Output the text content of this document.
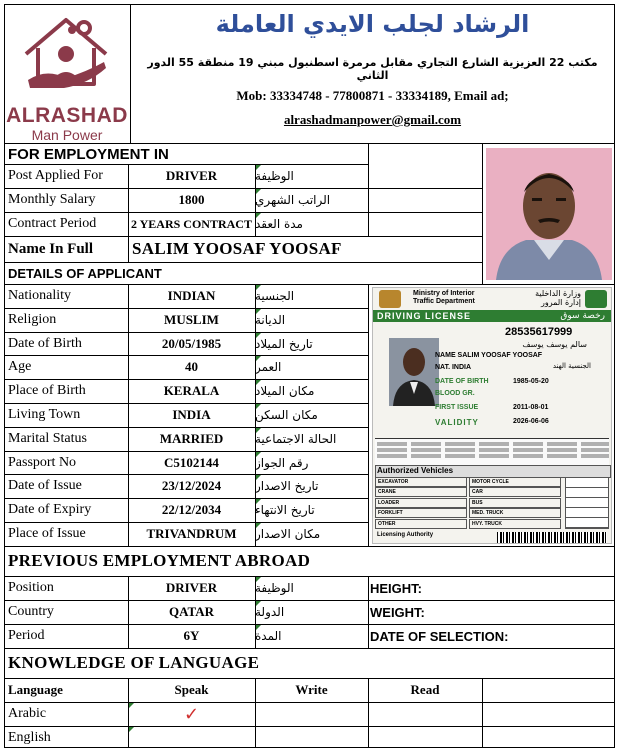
ALRASHAD
Man Power
الرشاد لجلب الايدي العاملة
مكتب 22 العزيزية الشارع التجاري مقابل مرمرة اسطنبول مبني 19 منطقة 55 الدور الثاني
Mob: 33334748 - 77800871 - 33334189, Email ad;
alrashadmanpower@gmail.com
FOR EMPLOYMENT IN
Post Applied For	DRIVER	الوظيفة
Monthly Salary	1800	الراتب الشهري
Contract Period	2 YEARS CONTRACT مدة العقد
Name In Full	SALIM YOOSAF YOOSAF
DETAILS OF APPLICANT
Nationality	INDIAN	الجنسية
Religion	MUSLIM	الديانة
Date of Birth	20/05/1985	تاريخ الميلاد
Age	40	العمر
Place of Birth	KERALA	مكان الميلاد
Living Town	INDIA	مكان السكن
Marital Status	MARRIED	الحالة الاجتماعية
Passport No	C5102144	رقم الجواز
Date of Issue	23/12/2024	تاريخ الاصدار
Date of Expiry	22/12/2034	تاريخ الانتهاء
Place of Issue	TRIVANDRUM	مكان الاصدار
Ministry of Interior
Traffic Department
وزارة الداخلية
إدارة المرور
DRIVING LICENSE	رخصة سوق
28535617999
سالم يوسف يوسف
NAME SALIM YOOSAF YOOSAF
NAT. INDIA	الجنسية الهند
DATE OF BIRTH	1985-05-20
BLOOD GR.
FIRST ISSUE	2011-08-01
VALIDITY	2026-06-06
Authorized Vehicles
EXCAVATOR
CRANE
LOADER
FORKLIFT
OTHER
MOTOR CYCLE
CAR
BUS
MED. TRUCK
HVY. TRUCK
Licensing Authority
PREVIOUS EMPLOYMENT ABROAD
Position	DRIVER	الوظيفة	HEIGHT:
Country	QATAR	الدولة	WEIGHT:
Period	6Y	المدة	DATE OF SELECTION:
KNOWLEDGE OF LANGUAGE
Language	Speak	Write	Read
Arabic	✓
English
